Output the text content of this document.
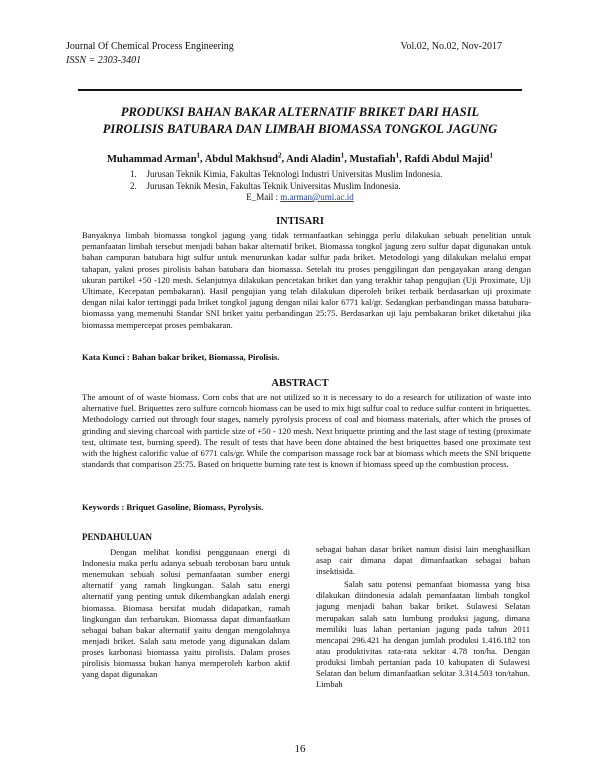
Journal Of Chemical Process Engineering
ISSN = 2303-3401
Vol.02, No.02, Nov-2017
PRODUKSI BAHAN BAKAR ALTERNATIF BRIKET DARI HASIL
PIROLISIS BATUBARA DAN LIMBAH BIOMASSA TONGKOL JAGUNG
Muhammad Arman$^1$, Abdul Makhsud$^2$, Andi Aladin$^1$, Mustafiah$^1$, Rafdi Abdul Majid$^1$
1.
	Jurusan Teknik Kimia, Fakultas Teknologi Industri Universitas Muslim Indonesia.
2.
	Jurusan Teknik Mesin, Fakultas Teknik Universitas Muslim Indonesia.
E_Mail : m.arman@umi.ac.id
INTISARI
Banyaknya limbah biomassa tongkol jagung yang tidak termanfaatkan sehingga perlu dilakukan sebuah penelitian untuk pemanfaatan limbah tersebut menjadi bahan bakar alternatif briket. Biomassa tongkol jagung zero sulfur dapat digunakan untuk bahan campuran batubara higt sulfur untuk menurunkan kadar sulfur pada briket. Metodologi yang dilakukan melalui empat tahapan, yakni proses pirolisis bahan batubara dan biomassa. Setelah itu proses penggilingan dan pengayakan arang dengan ukuran partikel +50 -120 mesh. Selanjutnya dilakukan pencetakan briket dan yang terakhir tahap pengujian (Uji Proximate, Uji Ultimate, Kecepatan pembakaran). Hasil pengujian yang telah dilakukan diperoleh briket terbaik berdasarkan uji proximate dengan nilai kalor tertinggi pada briket tongkol jagung dengan nilai kalor 6771 kal/gr. Sedangkan perbandingan massa batubara-biomassa yang memenuhi Standar SNI briket yaitu perbandingan 25:75. Berdasarkan uji laju pembakaran briket diketahui jika biomassa mempercepat proses pembakaran.
Kata Kunci : Bahan bakar briket, Biomassa, Pirolisis.
ABSTRACT
The amount of of waste biomass. Corn cobs that are not utilized so it is necessary to do a research for utilization of waste into alternative fuel. Briquettes zero sulfure corncob biomass can be used to mix higt sulfur coal to reduce sulfur content in briquettes. Methodology carried out through four stages, namely pyrolysis process of coal and biomass materials, after which the proses of grinding and sieving charcoal with particle size of +50 - 120 mesh. Next briquette printing and the last stage of testing (proximate test, ultimate test, burning speed). The result of tests that have been done abtained the best briquettes based one proximate test with the highest calorific value of 6771 cals/gr. While the comparison massage rock bar at biomass which meets the SNI briquette standards that comparison 25:75. Based on briquette burning rate test is known if biomass speed up the combustion process.
Keywords : Briquet Gasoline, Biomass, Pyrolysis.

PENDAHULUAN

Dengan melihat kondisi penggunaan energi di Indonesia maka perlu adanya sebuah terobosan baru untuk menemukan sebuah solusi pemanfaatan sumber energi alternatif yang ramah lingkungan. Salah satu energi alternatif yang penting untuk dikembangkan adalah energi biomassa. Biomasa bersifat mudah didapatkan, ramah lingkungan dan terbarukan. Biomassa dapat dimanfaatkan sebagai bahan bakar alternatif yaitu dengan mengolahnya menjadi briket. Salah satu metode yang digunakan dalam proses karbonasi biomassa yaitu pirolisis. Dalam proses pirolisis biomassa bukan hanya memperoleh karbon aktif yang dapat digunakan

sebagai bahan dasar briket namun disisi lain menghasilkan asap cair dimana dapat dimanfaatkan sebagai bahan insektisida.

Salah satu potensi pemanfaat biomassa yang bisa dilakukan diindonesia adalah pemanfaatan limbah tongkol jagung menjadi bahan bakar briket. Sulawesi Selatan merupakan salah satu lumbung produksi jagung, dimana memiliki luas lahan pertanian jagung pada tahun 2011 mencapai 296.421 ha dengan jumlah produksi 1.416.182 ton atau produktivitas rata-rata sekitar 4.78 ton/ha. Dengan produksi limbah pertanian pada 10 kabupaten di Sulawesi Selatan dan belum dimanfaatkan sekitar 3.314.503 ton/tahun. Limbah

16
